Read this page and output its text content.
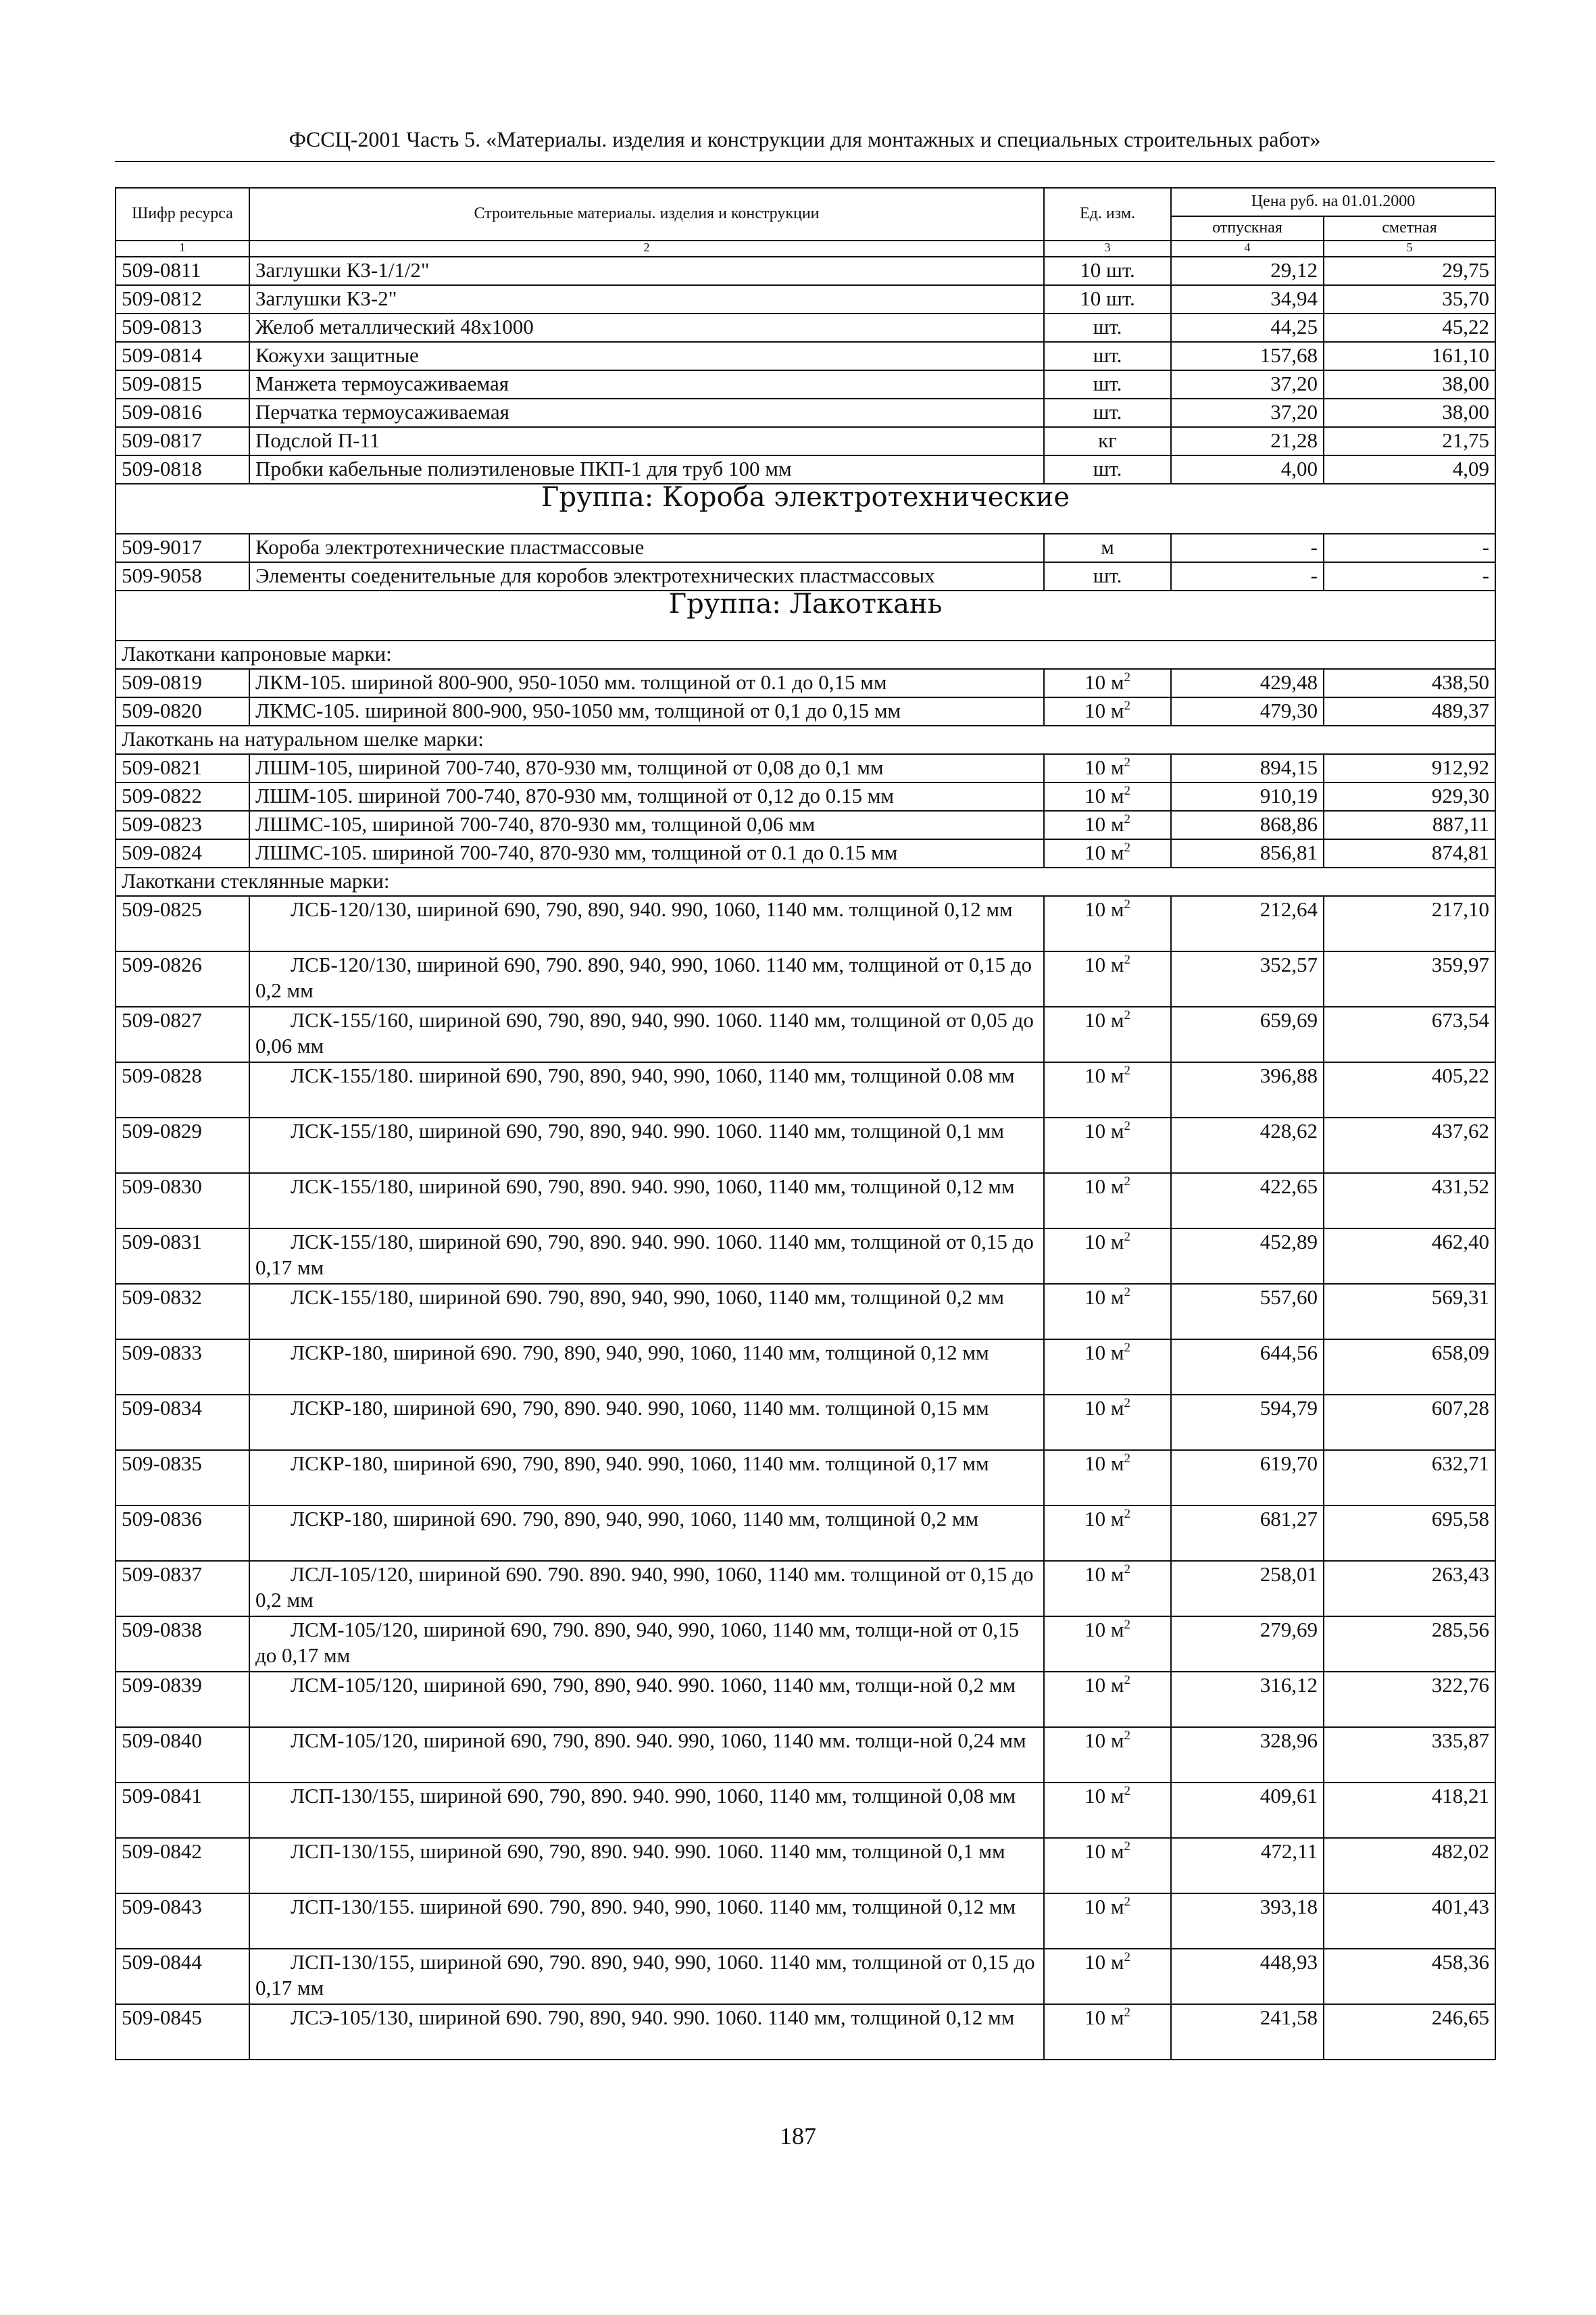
ФССЦ-2001 Часть 5. «Материалы. изделия и конструкции для монтажных и специальных строительных работ»
Шифр ресурса	Строительные материалы. изделия и конструкции	Ед. изм.	Цена руб. на 01.01.2000	
			отпускная	сметная
1	2	3	4	5
509-0811	Заглушки КЗ-1/1/2"	10 шт.	29,12	29,75
509-0812	Заглушки КЗ-2"	10 шт.	34,94	35,70
509-0813	Желоб металлический 48х1000	шт.	44,25	45,22
509-0814	Кожухи защитные	шт.	157,68	161,10
509-0815	Манжета термоусаживаемая	шт.	37,20	38,00
509-0816	Перчатка термоусаживаемая	шт.	37,20	38,00
509-0817	Подслой П-11	кг	21,28	21,75
509-0818	Пробки кабельные полиэтиленовые ПКП-1 для труб 100 мм	шт.	4,00	4,09
Группа: Короба электротехнические				
509-9017	Короба электротехнические пластмассовые	м	-	-
509-9058	Элементы соеденительные для коробов электротехнических пластмассовых	шт.	-	-
Группа: Лакоткань				
Лакоткани капроновые марки:				
509-0819	ЛКМ-105. шириной 800-900, 950-1050 мм. толщиной от 0.1 до 0,15 мм	10 $м^2$	429,48	438,50
509-0820	ЛКМС-105. шириной 800-900, 950-1050 мм, толщиной от 0,1 до 0,15 мм	10 $м^2$	479,30	489,37
Лакоткань на натуральном шелке марки:				
509-0821	ЛШМ-105, шириной 700-740, 870-930 мм, толщиной от 0,08 до 0,1 мм	10 $м^2$	894,15	912,92
509-0822	ЛШМ-105. шириной 700-740, 870-930 мм, толщиной от 0,12 до 0.15 мм	10 $м^2$	910,19	929,30
509-0823	ЛШМС-105, шириной 700-740, 870-930 мм, толщиной 0,06 мм	10 $м^2$	868,86	887,11
509-0824	ЛШМС-105. шириной 700-740, 870-930 мм, толщиной от 0.1 до 0.15 мм	10 $м^2$	856,81	874,81
Лакоткани стеклянные марки:				
509-0825	ЛСБ-120/130, шириной 690, 790, 890, 940. 990, 1060, 1140 мм. толщиной 0,12 мм	10 $м^2$	212,64	217,10
509-0826	ЛСБ-120/130, шириной 690, 790. 890, 940, 990, 1060. 1140 мм, толщиной от 0,15 до 0,2 мм	10 $м^2$	352,57	359,97
509-0827	ЛСК-155/160, шириной 690, 790, 890, 940, 990. 1060. 1140 мм, толщиной от 0,05 до 0,06 мм	10 $м^2$	659,69	673,54
509-0828	ЛСК-155/180. шириной 690, 790, 890, 940, 990, 1060, 1140 мм, толщиной 0.08 мм	10 $м^2$	396,88	405,22
509-0829	ЛСК-155/180, шириной 690, 790, 890, 940. 990. 1060. 1140 мм, толщиной 0,1 мм	10 $м^2$	428,62	437,62
509-0830	ЛСК-155/180, шириной 690, 790, 890. 940. 990, 1060, 1140 мм, толщиной 0,12 мм	10 $м^2$	422,65	431,52
509-0831	ЛСК-155/180, шириной 690, 790, 890. 940. 990. 1060. 1140 мм, толщиной от 0,15 до 0,17 мм	10 $м^2$	452,89	462,40
509-0832	ЛСК-155/180, шириной 690. 790, 890, 940, 990, 1060, 1140 мм, толщиной 0,2 мм	10 $м^2$	557,60	569,31
509-0833	ЛСКР-180, шириной 690. 790, 890, 940, 990, 1060, 1140 мм, толщиной 0,12 мм	10 $м^2$	644,56	658,09
509-0834	ЛСКР-180, шириной 690, 790, 890. 940. 990, 1060, 1140 мм. толщиной 0,15 мм	10 $м^2$	594,79	607,28
509-0835	ЛСКР-180, шириной 690, 790, 890, 940. 990, 1060, 1140 мм. толщиной 0,17 мм	10 $м^2$	619,70	632,71
509-0836	ЛСКР-180, шириной 690. 790, 890, 940, 990, 1060, 1140 мм, толщиной 0,2 мм	10 $м^2$	681,27	695,58
509-0837	ЛСЛ-105/120, шириной 690. 790. 890. 940, 990, 1060, 1140 мм. толщиной от 0,15 до 0,2 мм	10 $м^2$	258,01	263,43
509-0838	ЛСМ-105/120, шириной 690, 790. 890, 940, 990, 1060, 1140 мм, толщи-ной от 0,15 до 0,17 мм	10 $м^2$	279,69	285,56
509-0839	ЛСМ-105/120, шириной 690, 790, 890, 940. 990. 1060, 1140 мм, толщи-ной 0,2 мм	10 $м^2$	316,12	322,76
509-0840	ЛСМ-105/120, шириной 690, 790, 890. 940. 990, 1060, 1140 мм. толщи-ной 0,24 мм	10 $м^2$	328,96	335,87
509-0841	ЛСП-130/155, шириной 690, 790, 890. 940. 990, 1060, 1140 мм, толщиной 0,08 мм	10 $м^2$	409,61	418,21
509-0842	ЛСП-130/155, шириной 690, 790, 890. 940. 990. 1060. 1140 мм, толщиной 0,1 мм	10 $м^2$	472,11	482,02
509-0843	ЛСП-130/155. шириной 690. 790, 890. 940, 990, 1060. 1140 мм, толщиной 0,12 мм	10 $м^2$	393,18	401,43
509-0844	ЛСП-130/155, шириной 690, 790. 890, 940, 990, 1060. 1140 мм, толщиной от 0,15 до 0,17 мм	10 $м^2$	448,93	458,36
509-0845	ЛСЭ-105/130, шириной 690. 790, 890, 940. 990. 1060. 1140 мм, толщиной 0,12 мм	10 $м^2$	241,58	246,65
187
